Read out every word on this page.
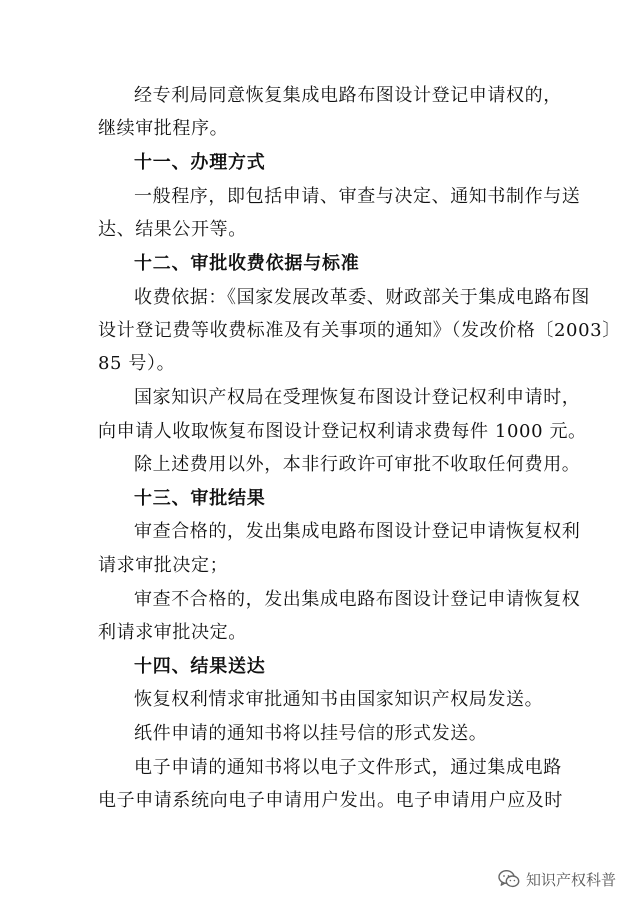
经专利局同意恢复集成电路布图设计登记申请权的，
继续审批程序。
十一、办理方式
一般程序，即包括申请、审查与决定、通知书制作与送
达、结果公开等。
十二、审批收费依据与标准
收费依据：《国家发展改革委、财政部关于集成电路布图
设计登记费等收费标准及有关事项的通知》（发改价格〔2003〕
85 号）。
国家知识产权局在受理恢复布图设计登记权利申请时，
向申请人收取恢复布图设计登记权利请求费每件 1000 元。
除上述费用以外，本非行政许可审批不收取任何费用。
十三、审批结果
审查合格的，发出集成电路布图设计登记申请恢复权利
请求审批决定；
审查不合格的，发出集成电路布图设计登记申请恢复权
利请求审批决定。
十四、结果送达
恢复权利情求审批通知书由国家知识产权局发送。
纸件申请的通知书将以挂号信的形式发送。
电子申请的通知书将以电子文件形式，通过集成电路
电子申请系统向电子申请用户发出。电子申请用户应及时
知识产权科普
